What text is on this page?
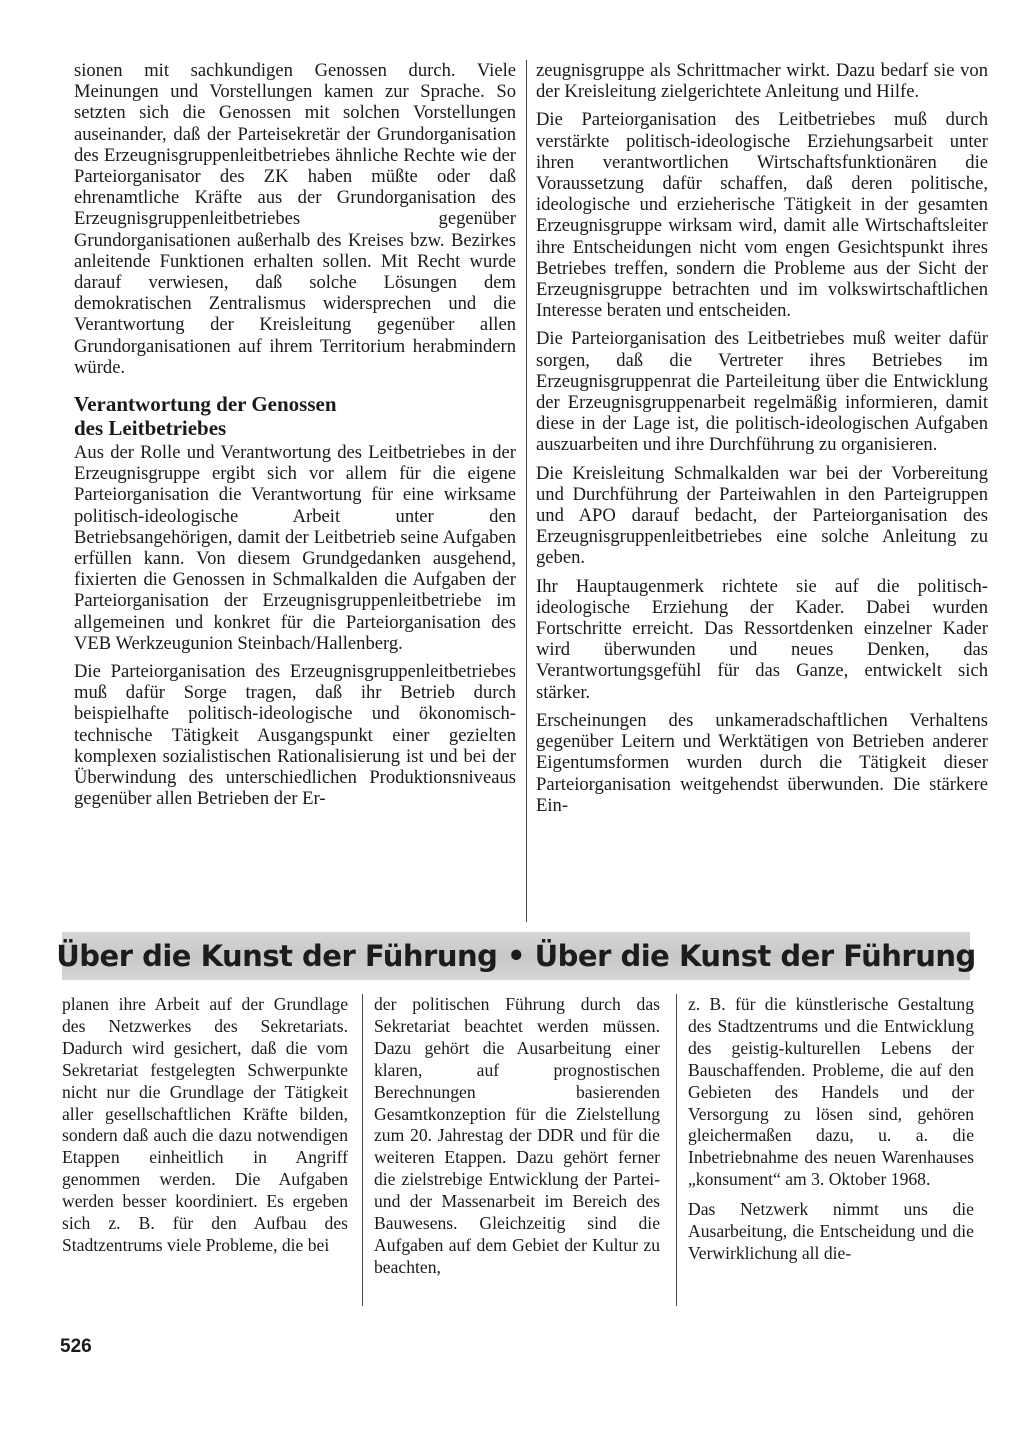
sionen mit sachkundigen Genossen durch. Viele Meinungen und Vorstellungen kamen zur Sprache. So setzten sich die Genossen mit solchen Vorstellungen auseinander, daß der Parteisekretär der Grundorganisation des Erzeugnisgruppenleitbetriebes ähnliche Rechte wie der Parteiorganisator des ZK haben müßte oder daß ehrenamtliche Kräfte aus der Grundorganisation des Erzeugnisgruppenleitbetriebes gegenüber Grundorganisationen außerhalb des Kreises bzw. Bezirkes anleitende Funktionen erhalten sollen. Mit Recht wurde darauf verwiesen, daß solche Lösungen dem demokratischen Zentralismus widersprechen und die Verantwortung der Kreisleitung gegenüber allen Grundorganisationen auf ihrem Territorium herabmindern würde.

Verantwortung der Genossen
des Leitbetriebes

Aus der Rolle und Verantwortung des Leitbetriebes in der Erzeugnisgruppe ergibt sich vor allem für die eigene Parteiorganisation die Verantwortung für eine wirksame politisch-ideologische Arbeit unter den Betriebsangehörigen, damit der Leitbetrieb seine Aufgaben erfüllen kann. Von diesem Grundgedanken ausgehend, fixierten die Genossen in Schmalkalden die Aufgaben der Parteiorganisation der Erzeugnisgruppenleitbetriebe im allgemeinen und konkret für die Parteiorganisation des VEB Werkzeugunion Steinbach/Hallenberg.

Die Parteiorganisation des Erzeugnisgruppenleitbetriebes muß dafür Sorge tragen, daß ihr Betrieb durch beispielhafte politisch-ideologische und ökonomisch-technische Tätigkeit Ausgangspunkt einer gezielten komplexen sozialistischen Rationalisierung ist und bei der Überwindung des unterschiedlichen Produktionsniveaus gegenüber allen Betrieben der Er-

zeugnisgruppe als Schrittmacher wirkt. Dazu bedarf sie von der Kreisleitung zielgerichtete Anleitung und Hilfe.

Die Parteiorganisation des Leitbetriebes muß durch verstärkte politisch-ideologische Erziehungsarbeit unter ihren verantwortlichen Wirtschaftsfunktionären die Voraussetzung dafür schaffen, daß deren politische, ideologische und erzieherische Tätigkeit in der gesamten Erzeugnisgruppe wirksam wird, damit alle Wirtschaftsleiter ihre Entscheidungen nicht vom engen Gesichtspunkt ihres Betriebes treffen, sondern die Probleme aus der Sicht der Erzeugnisgruppe betrachten und im volkswirtschaftlichen Interesse beraten und entscheiden.

Die Parteiorganisation des Leitbetriebes muß weiter dafür sorgen, daß die Vertreter ihres Betriebes im Erzeugnisgruppenrat die Parteileitung über die Entwicklung der Erzeugnisgruppenarbeit regelmäßig informieren, damit diese in der Lage ist, die politisch-ideologischen Aufgaben auszuarbeiten und ihre Durchführung zu organisieren.

Die Kreisleitung Schmalkalden war bei der Vorbereitung und Durchführung der Parteiwahlen in den Parteigruppen und APO darauf bedacht, der Parteiorganisation des Erzeugnisgruppenleitbetriebes eine solche Anleitung zu geben.

Ihr Hauptaugenmerk richtete sie auf die politisch-ideologische Erziehung der Kader. Dabei wurden Fortschritte erreicht. Das Ressortdenken einzelner Kader wird überwunden und neues Denken, das Verantwortungsgefühl für das Ganze, entwickelt sich stärker.

Erscheinungen des unkameradschaftlichen Verhaltens gegenüber Leitern und Werktätigen von Betrieben anderer Eigentumsformen wurden durch die Tätigkeit dieser Parteiorganisation weitgehendst überwunden. Die stärkere Ein-

Über die Kunst der Führung • Über die Kunst der Führung

planen ihre Arbeit auf der Grundlage des Netzwerkes des Sekretariats. Dadurch wird gesichert, daß die vom Sekretariat festgelegten Schwerpunkte nicht nur die Grundlage der Tätigkeit aller gesellschaftlichen Kräfte bilden, sondern daß auch die dazu notwendigen Etappen einheitlich in Angriff genommen werden. Die Aufgaben werden besser koordiniert. Es ergeben sich z. B. für den Aufbau des Stadtzentrums viele Probleme, die bei

der politischen Führung durch das Sekretariat beachtet werden müssen. Dazu gehört die Ausarbeitung einer klaren, auf prognostischen Berechnungen basierenden Gesamtkonzeption für die Zielstellung zum 20. Jahrestag der DDR und für die weiteren Etappen. Dazu gehört ferner die zielstrebige Entwicklung der Partei- und der Massenarbeit im Bereich des Bauwesens. Gleichzeitig sind die Aufgaben auf dem Gebiet der Kultur zu beachten,

z. B. für die künstlerische Gestaltung des Stadtzentrums und die Entwicklung des geistig-kulturellen Lebens der Bauschaffenden. Probleme, die auf den Gebieten des Handels und der Versorgung zu lösen sind, gehören gleichermaßen dazu, u. a. die Inbetriebnahme des neuen Warenhauses „konsument“ am 3. Oktober 1968.

Das Netzwerk nimmt uns die Ausarbeitung, die Entscheidung und die Verwirklichung all die-

526
